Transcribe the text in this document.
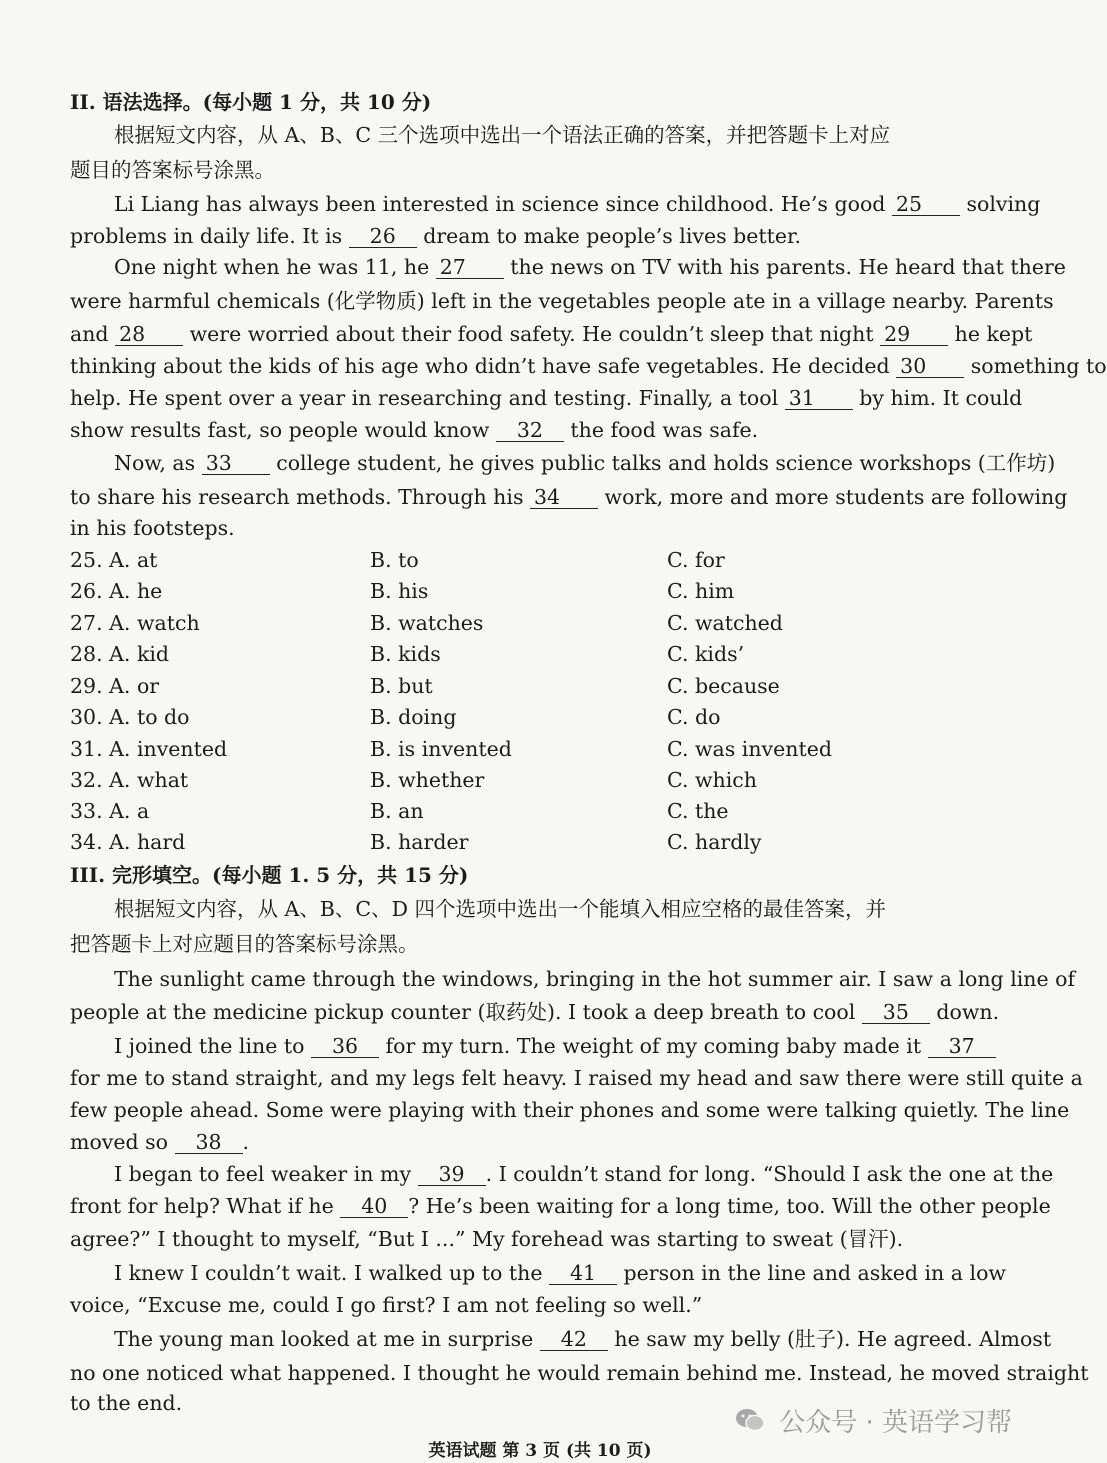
II. 语法选择。(每小题 1 分，共 10 分)
根据短文内容，从 A、B、C 三个选项中选出一个语法正确的答案，并把答题卡上对应
题目的答案标号涂黑。
Li Liang has always been interested in science since childhood. He’s good 25 solving
problems in daily life. It is 26 dream to make people’s lives better.
One night when he was 11, he 27 the news on TV with his parents. He heard that there
were harmful chemicals (化学物质) left in the vegetables people ate in a village nearby. Parents
and 28 were worried about their food safety. He couldn’t sleep that night 29 he kept
thinking about the kids of his age who didn’t have safe vegetables. He decided 30 something to
help. He spent over a year in researching and testing. Finally, a tool 31 by him. It could
show results fast, so people would know 32 the food was safe.
Now, as 33 college student, he gives public talks and holds science workshops (工作坊)
to share his research methods. Through his 34 work, more and more students are following
in his footsteps.
25. A. at	B. to	C. for
26. A. he	B. his	C. him
27. A. watch	B. watches	C. watched
28. A. kid	B. kids	C. kids’
29. A. or	B. but	C. because
30. A. to do	B. doing	C. do
31. A. invented	B. is invented	C. was invented
32. A. what	B. whether	C. which
33. A. a	B. an	C. the
34. A. hard	B. harder	C. hardly
III. 完形填空。(每小题 1. 5 分，共 15 分)
根据短文内容，从 A、B、C、D 四个选项中选出一个能填入相应空格的最佳答案，并
把答题卡上对应题目的答案标号涂黑。
The sunlight came through the windows, bringing in the hot summer air. I saw a long line of
people at the medicine pickup counter (取药处). I took a deep breath to cool 35 down.
I joined the line to 36 for my turn. The weight of my coming baby made it 37
for me to stand straight, and my legs felt heavy. I raised my head and saw there were still quite a
few people ahead. Some were playing with their phones and some were talking quietly. The line
moved so 38 .
I began to feel weaker in my 39 . I couldn’t stand for long. “Should I ask the one at the
front for help? What if he 40 ? He’s been waiting for a long time, too. Will the other people
agree?” I thought to myself, “But I ...” My forehead was starting to sweat (冒汗).
I knew I couldn’t wait. I walked up to the 41 person in the line and asked in a low
voice, “Excuse me, could I go first? I am not feeling so well.”
The young man looked at me in surprise 42 he saw my belly (肚子). He agreed. Almost
no one noticed what happened. I thought he would remain behind me. Instead, he moved straight
to the end.
公众号 · 英语学习帮
英语试题 第 3 页 (共 10 页)
